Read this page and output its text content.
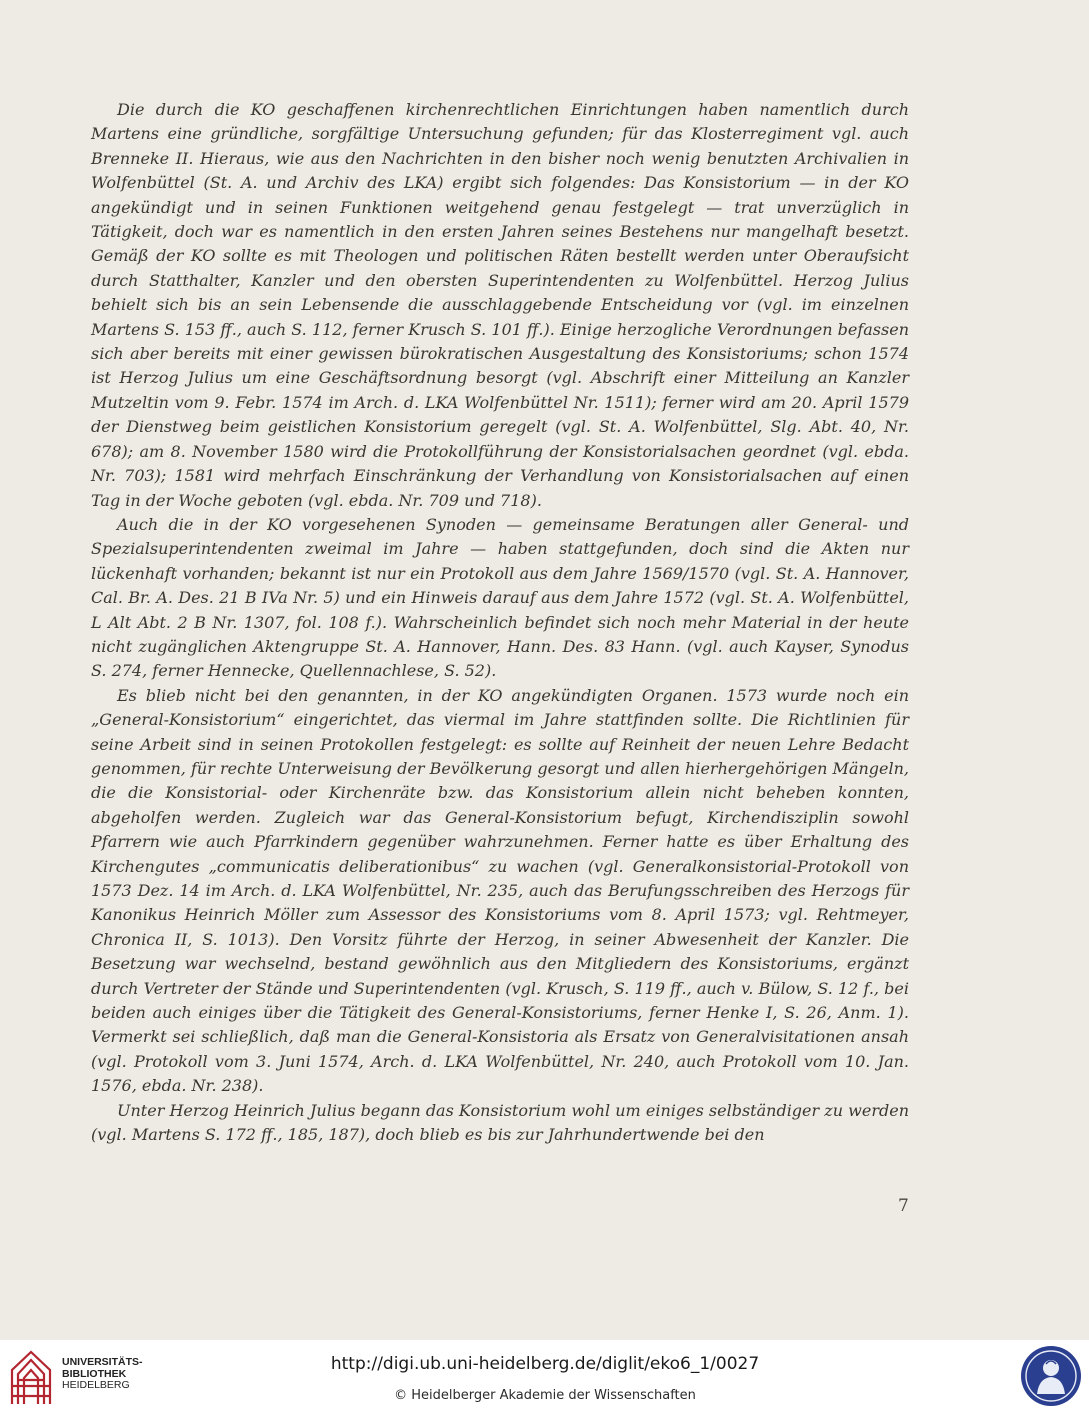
Die durch die KO geschaffenen kirchenrechtlichen Einrichtungen haben namentlich durch Martens eine gründliche, sorgfältige Untersuchung gefunden; für das Klosterregiment vgl. auch Brenneke II. Hieraus, wie aus den Nachrichten in den bisher noch wenig benutzten Archivalien in Wolfenbüttel (St. A. und Archiv des LKA) ergibt sich folgendes: Das Konsistorium — in der KO angekündigt und in seinen Funktionen weitgehend genau festgelegt — trat unverzüglich in Tätigkeit, doch war es namentlich in den ersten Jahren seines Bestehens nur mangelhaft besetzt. Gemäß der KO sollte es mit Theologen und politischen Räten bestellt werden unter Oberaufsicht durch Statthalter, Kanzler und den obersten Superintendenten zu Wolfenbüttel. Herzog Julius behielt sich bis an sein Lebensende die ausschlaggebende Entscheidung vor (vgl. im einzelnen Martens S. 153 ff., auch S. 112, ferner Krusch S. 101 ff.). Einige herzogliche Verordnungen befassen sich aber bereits mit einer gewissen bürokratischen Ausgestaltung des Konsistoriums; schon 1574 ist Herzog Julius um eine Geschäftsordnung besorgt (vgl. Abschrift einer Mitteilung an Kanzler Mutzeltin vom 9. Febr. 1574 im Arch. d. LKA Wolfenbüttel Nr. 1511); ferner wird am 20. April 1579 der Dienstweg beim geistlichen Konsistorium geregelt (vgl. St. A. Wolfenbüttel, Slg. Abt. 40, Nr. 678); am 8. November 1580 wird die Protokollführung der Konsistorialsachen geordnet (vgl. ebda. Nr. 703); 1581 wird mehrfach Einschränkung der Verhandlung von Konsistorialsachen auf einen Tag in der Woche geboten (vgl. ebda. Nr. 709 und 718).

Auch die in der KO vorgesehenen Synoden — gemeinsame Beratungen aller General- und Spezialsuperintendenten zweimal im Jahre — haben stattgefunden, doch sind die Akten nur lückenhaft vorhanden; bekannt ist nur ein Protokoll aus dem Jahre 1569/1570 (vgl. St. A. Hannover, Cal. Br. A. Des. 21 B IVa Nr. 5) und ein Hinweis darauf aus dem Jahre 1572 (vgl. St. A. Wolfenbüttel, L Alt Abt. 2 B Nr. 1307, fol. 108 f.). Wahrscheinlich befindet sich noch mehr Material in der heute nicht zugänglichen Aktengruppe St. A. Hannover, Hann. Des. 83 Hann. (vgl. auch Kayser, Synodus S. 274, ferner Hennecke, Quellennachlese, S. 52).

Es blieb nicht bei den genannten, in der KO angekündigten Organen. 1573 wurde noch ein „General-Konsistorium“ eingerichtet, das viermal im Jahre stattfinden sollte. Die Richtlinien für seine Arbeit sind in seinen Protokollen festgelegt: es sollte auf Reinheit der neuen Lehre Bedacht genommen, für rechte Unterweisung der Bevölkerung gesorgt und allen hierhergehörigen Mängeln, die die Konsistorial- oder Kirchenräte bzw. das Konsistorium allein nicht beheben konnten, abgeholfen werden. Zugleich war das General-Konsistorium befugt, Kirchendisziplin sowohl Pfarrern wie auch Pfarrkindern gegenüber wahrzunehmen. Ferner hatte es über Erhaltung des Kirchengutes „communicatis deliberationibus“ zu wachen (vgl. Generalkonsistorial-Protokoll von 1573 Dez. 14 im Arch. d. LKA Wolfenbüttel, Nr. 235, auch das Berufungsschreiben des Herzogs für Kanonikus Heinrich Möller zum Assessor des Konsistoriums vom 8. April 1573; vgl. Rehtmeyer, Chronica II, S. 1013). Den Vorsitz führte der Herzog, in seiner Abwesenheit der Kanzler. Die Besetzung war wechselnd, bestand gewöhnlich aus den Mitgliedern des Konsistoriums, ergänzt durch Vertreter der Stände und Superintendenten (vgl. Krusch, S. 119 ff., auch v. Bülow, S. 12 f., bei beiden auch einiges über die Tätigkeit des General-Konsistoriums, ferner Henke I, S. 26, Anm. 1). Vermerkt sei schließlich, daß man die General-Konsistoria als Ersatz von Generalvisitationen ansah (vgl. Protokoll vom 3. Juni 1574, Arch. d. LKA Wolfenbüttel, Nr. 240, auch Protokoll vom 10. Jan. 1576, ebda. Nr. 238).

Unter Herzog Heinrich Julius begann das Konsistorium wohl um einiges selbständiger zu werden (vgl. Martens S. 172 ff., 185, 187), doch blieb es bis zur Jahrhundertwende bei den

7
UNIVERSITÄTS-
BIBLIOTHEK
HEIDELBERG
http://digi.ub.uni-heidelberg.de/diglit/eko6_1/0027
© Heidelberger Akademie der Wissenschaften
